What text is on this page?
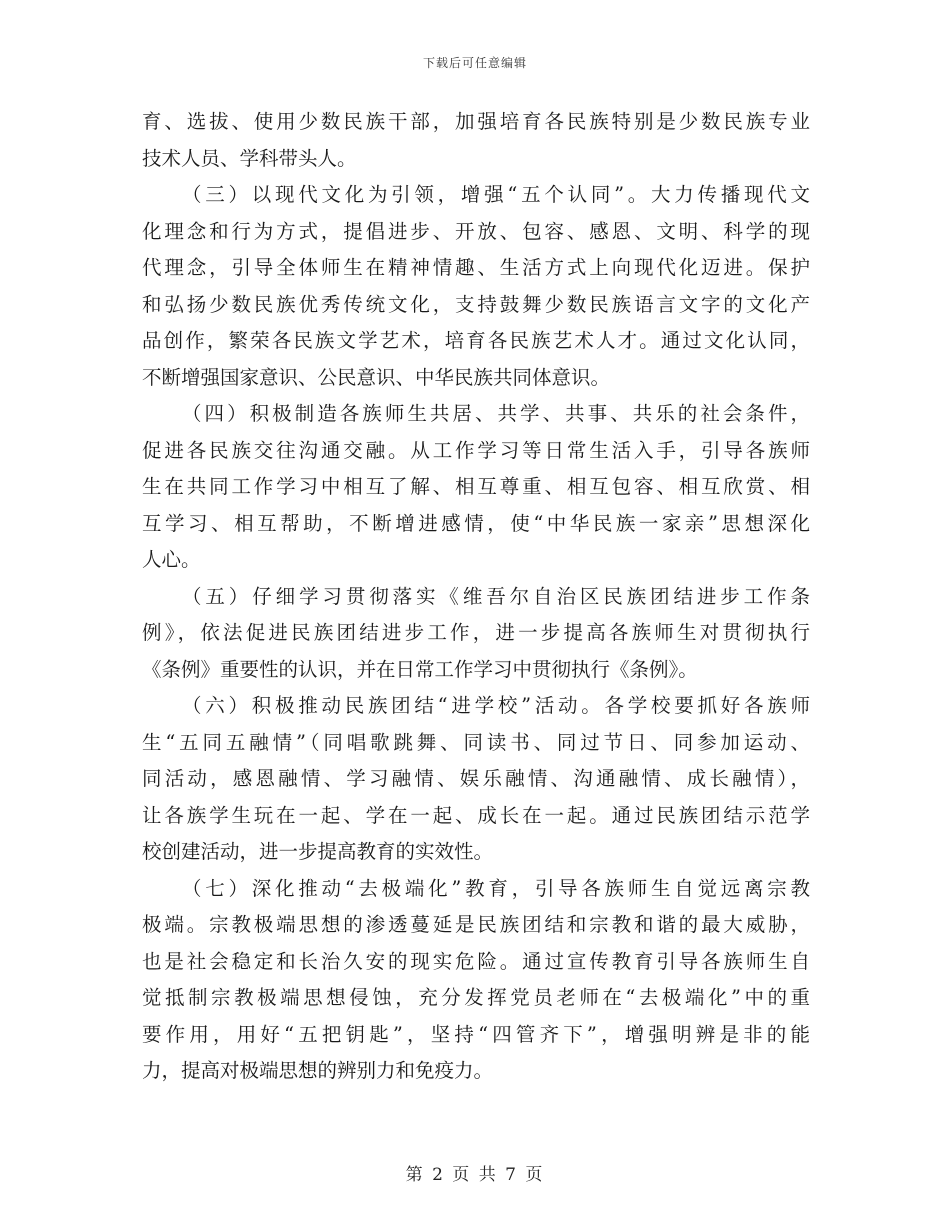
下载后可任意编辑
育、选拔、使用少数民族干部，加强培育各民族特别是少数民族专业
技术人员、学科带头人。
（三）以现代文化为引领，增强“五个认同”。大力传播现代文
化理念和行为方式，提倡进步、开放、包容、感恩、文明、科学的现
代理念，引导全体师生在精神情趣、生活方式上向现代化迈进。保护
和弘扬少数民族优秀传统文化，支持鼓舞少数民族语言文字的文化产
品创作，繁荣各民族文学艺术，培育各民族艺术人才。通过文化认同，
不断增强国家意识、公民意识、中华民族共同体意识。
（四）积极制造各族师生共居、共学、共事、共乐的社会条件，
促进各民族交往沟通交融。从工作学习等日常生活入手，引导各族师
生在共同工作学习中相互了解、相互尊重、相互包容、相互欣赏、相
互学习、相互帮助，不断增进感情，使“中华民族一家亲”思想深化
人心。
（五）仔细学习贯彻落实《维吾尔自治区民族团结进步工作条
例》，依法促进民族团结进步工作，进一步提高各族师生对贯彻执行
《条例》重要性的认识，并在日常工作学习中贯彻执行《条例》。
（六）积极推动民族团结“进学校”活动。各学校要抓好各族师
生“五同五融情”（同唱歌跳舞、同读书、同过节日、同参加运动、
同活动，感恩融情、学习融情、娱乐融情、沟通融情、成长融情），
让各族学生玩在一起、学在一起、成长在一起。通过民族团结示范学
校创建活动，进一步提高教育的实效性。
（七）深化推动“去极端化”教育，引导各族师生自觉远离宗教
极端。宗教极端思想的渗透蔓延是民族团结和宗教和谐的最大威胁，
也是社会稳定和长治久安的现实危险。通过宣传教育引导各族师生自
觉抵制宗教极端思想侵蚀，充分发挥党员老师在“去极端化”中的重
要作用，用好“五把钥匙”，坚持“四管齐下”，增强明辨是非的能
力，提高对极端思想的辨别力和免疫力。
第 2 页 共 7 页
